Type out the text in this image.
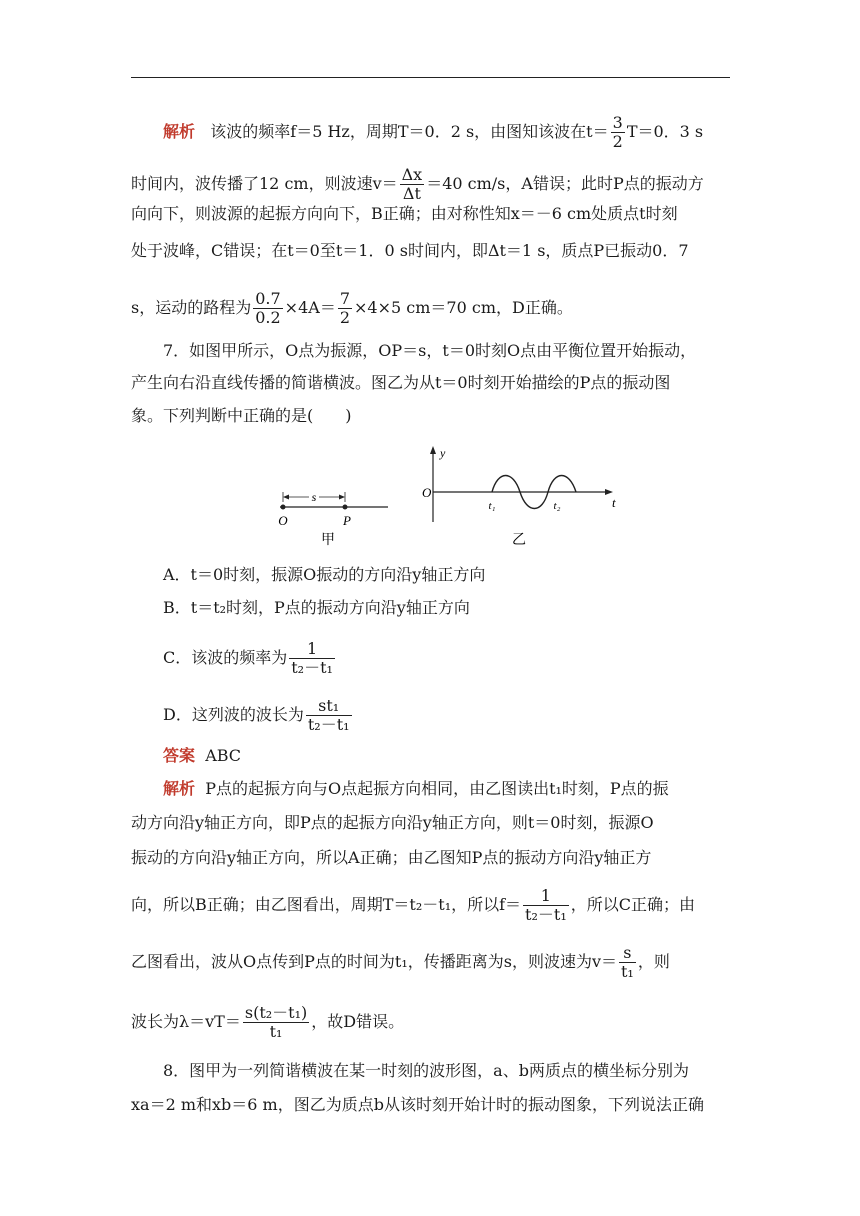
解析 该波的频率f＝5 Hz，周期T＝0．2 s，由图知该波在$t= \frac{3}{2} T=0$．3 s
时间内，波传播了12 cm，则波速$v= \frac{\Delta x}{\Delta t} =40$ cm/s，A错误；此时P点的振动方
向向下，则波源的起振方向向下，B正确；由对称性知x＝－6 cm处质点t时刻
处于波峰，C错误；在t＝0至t＝1．0 s时间内，即Δt＝1 s，质点P已振动0．7
s，运动的路程为 $\frac{0.7}{0.2} \times 4A= \frac{7}{2} \times 4\times 5$ cm＝70 cm，D正确。
7．如图甲所示，O点为振源，OP＝s，t＝0时刻O点由平衡位置开始振动，
产生向右沿直线传播的简谐横波。图乙为从t＝0时刻开始描绘的P点的振动图
象。下列判断中正确的是(　　)
s
O	P
甲
y
O
t
t₁	t₂
乙
A．t＝0时刻，振源O振动的方向沿y轴正方向
B．t＝t₂时刻，P点的振动方向沿y轴正方向
C．该波的频率为 $\frac{1}{\text{t₂－t₁}}$
D．这列波的波长为 $\frac{\text{st₁}}{\text{t₂－t₁}}$
答案 ABC
解析 P点的起振方向与O点起振方向相同，由乙图读出t₁时刻，P点的振
动方向沿y轴正方向，即P点的起振方向沿y轴正方向，则t＝0时刻，振源O
振动的方向沿y轴正方向，所以A正确；由乙图知P点的振动方向沿y轴正方
向，所以B正确；由乙图看出，周期T＝t₂－t₁，所以$f= \frac{1}{\text{t₂－t₁}}$ ，所以C正确；由
乙图看出，波从O点传到P点的时间为t₁，传播距离为s，则波速为$v= \frac{s}{\text{t₁}}$ ，则
波长为$\lambda=vT= \frac{\text{s(t₂－t₁)}}{\text{t₁}}$ ，故D错误。
8．图甲为一列简谐横波在某一时刻的波形图，a、b两质点的横坐标分别为
xa＝2 m和xb＝6 m，图乙为质点b从该时刻开始计时的振动图象，下列说法正确
